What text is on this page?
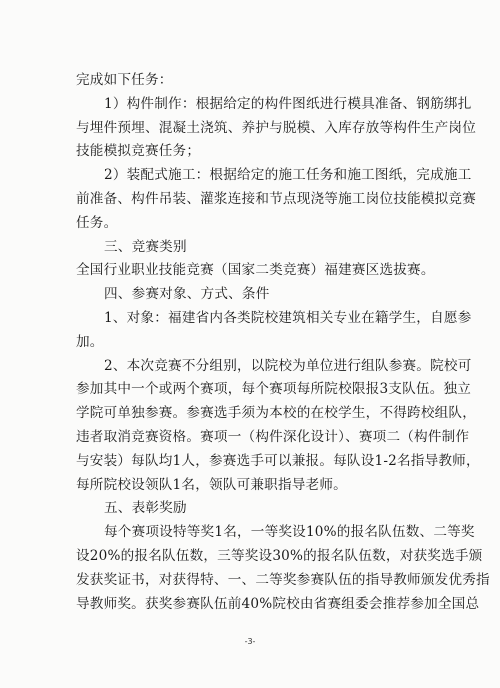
完成如下任务：
1）构件制作：根据给定的构件图纸进行模具准备、钢筋绑扎
与埋件预埋、混凝土浇筑、养护与脱模、入库存放等构件生产岗位
技能模拟竞赛任务；
2）装配式施工：根据给定的施工任务和施工图纸，完成施工
前准备、构件吊装、灌浆连接和节点现浇等施工岗位技能模拟竞赛
任务。
三、竞赛类别
全国行业职业技能竞赛（国家二类竞赛）福建赛区选拔赛。
四、参赛对象、方式、条件
1、对象：福建省内各类院校建筑相关专业在籍学生，自愿参
加。
2、本次竞赛不分组别，以院校为单位进行组队参赛。院校可
参加其中一个或两个赛项，每个赛项每所院校限报3支队伍。独立
学院可单独参赛。参赛选手须为本校的在校学生，不得跨校组队，
违者取消竞赛资格。赛项一（构件深化设计）、赛项二（构件制作
与安装）每队均1人，参赛选手可以兼报。每队设1-2名指导教师，
每所院校设领队1名，领队可兼职指导老师。
五、表彰奖励
每个赛项设特等奖1名，一等奖设10%的报名队伍数、二等奖
设20%的报名队伍数，三等奖设30%的报名队伍数，对获奖选手颁
发获奖证书，对获得特、一、二等奖参赛队伍的指导教师颁发优秀指
导教师奖。获奖参赛队伍前40%院校由省赛组委会推荐参加全国总
-3-
